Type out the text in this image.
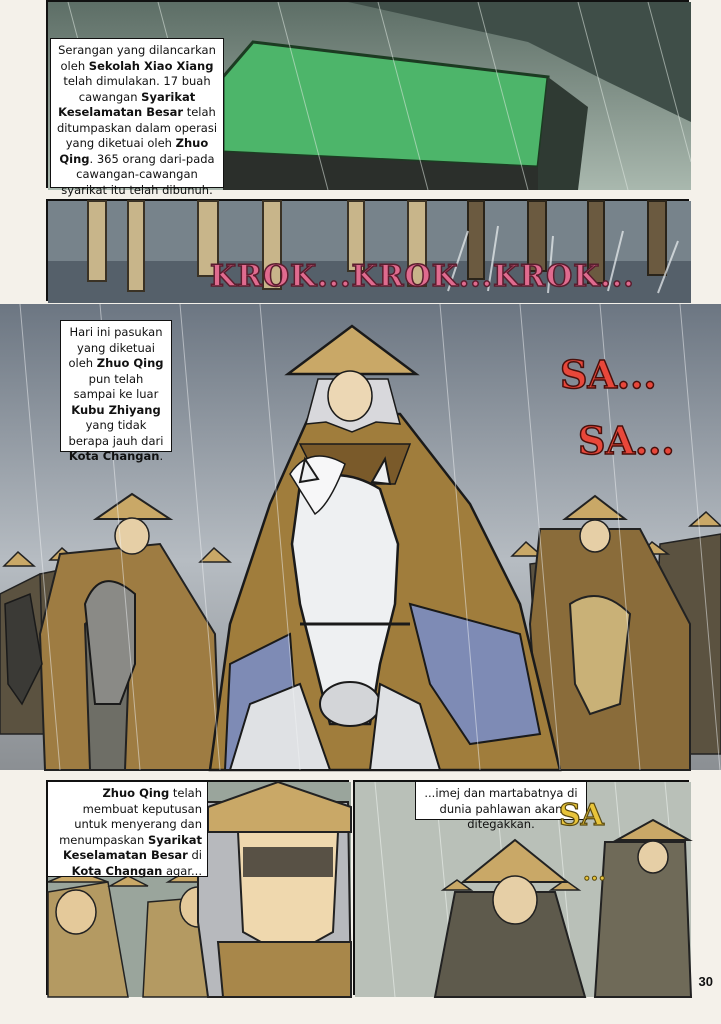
Serangan yang dilancarkan oleh Sekolah Xiao Xiang telah dimulakan. 17 buah cawangan Syarikat Keselamatan Besar telah ditumpaskan dalam operasi yang diketuai oleh Zhuo Qing. 365 orang dari-pada cawangan-cawangan syarikat itu telah dibunuh.
KROK...KROK...KROK...
Hari ini pasukan yang diketuai oleh Zhuo Qing pun telah sampai ke luar Kubu Zhiyang yang tidak berapa jauh dari Kota Changan.
SA...
SA...
Zhuo Qing telah membuat keputusan untuk menyerang dan menumpaskan Syarikat Keselamatan Besar di Kota Changan agar...
...imej dan martabatnya di dunia pahlawan akan ditegakkan. SA
...
30
